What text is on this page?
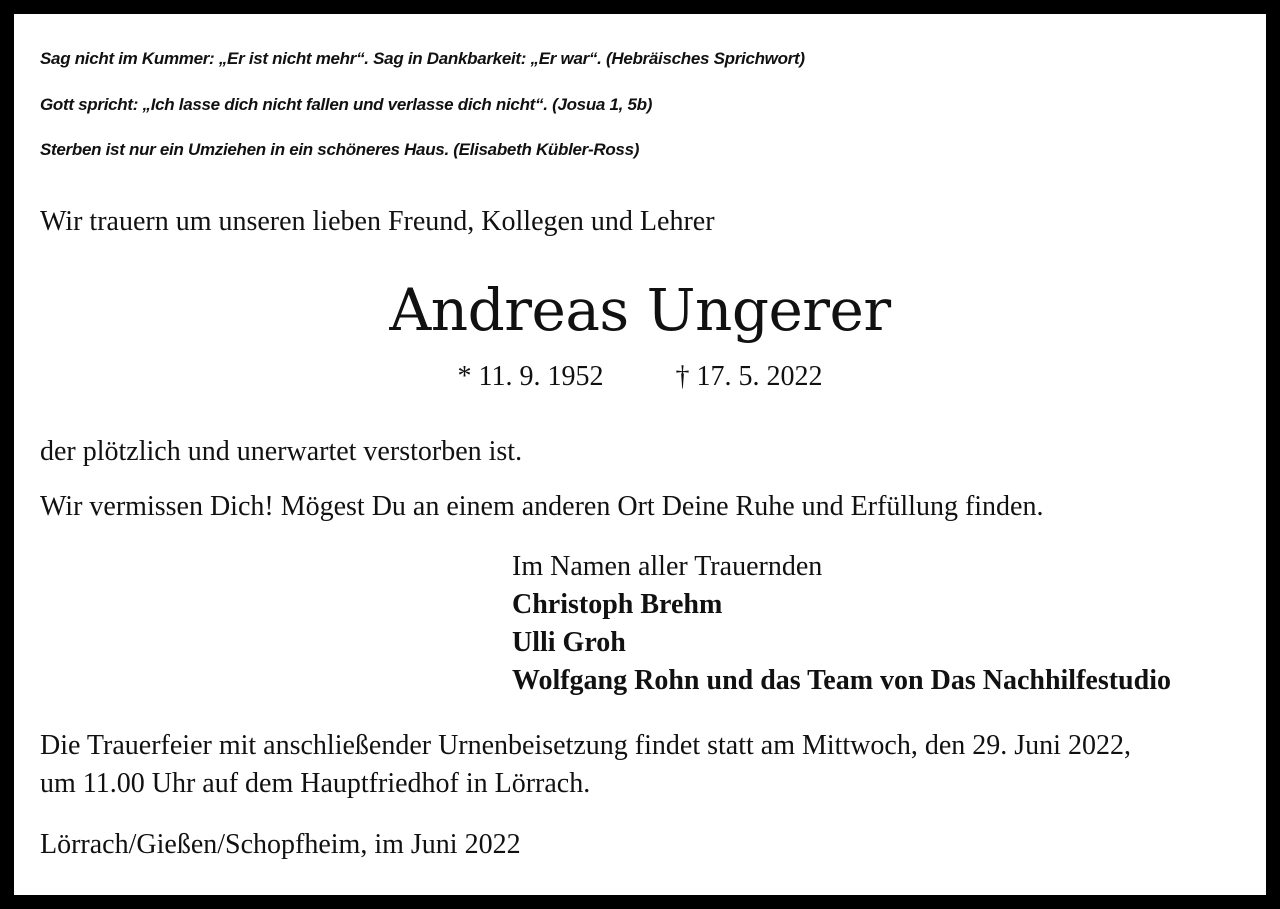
Sag nicht im Kummer: „Er ist nicht mehr“. Sag in Dankbarkeit: „Er war“. (Hebräisches Sprichwort)
Gott spricht: „Ich lasse dich nicht fallen und verlasse dich nicht“. (Josua 1, 5b)
Sterben ist nur ein Umziehen in ein schöneres Haus. (Elisabeth Kübler-Ross)
Wir trauern um unseren lieben Freund, Kollegen und Lehrer
Andreas Ungerer
* 11. 9. 1952	† 17. 5. 2022
der plötzlich und unerwartet verstorben ist.
Wir vermissen Dich! Mögest Du an einem anderen Ort Deine Ruhe und Erfüllung finden.
Im Namen aller Trauernden
Christoph Brehm
Ulli Groh
Wolfgang Rohn und das Team von Das Nachhilfestudio
Die Trauerfeier mit anschließender Urnenbeisetzung findet statt am Mittwoch, den 29. Juni 2022,
um 11.00 Uhr auf dem Hauptfriedhof in Lörrach.
Lörrach/Gießen/Schopfheim, im Juni 2022
